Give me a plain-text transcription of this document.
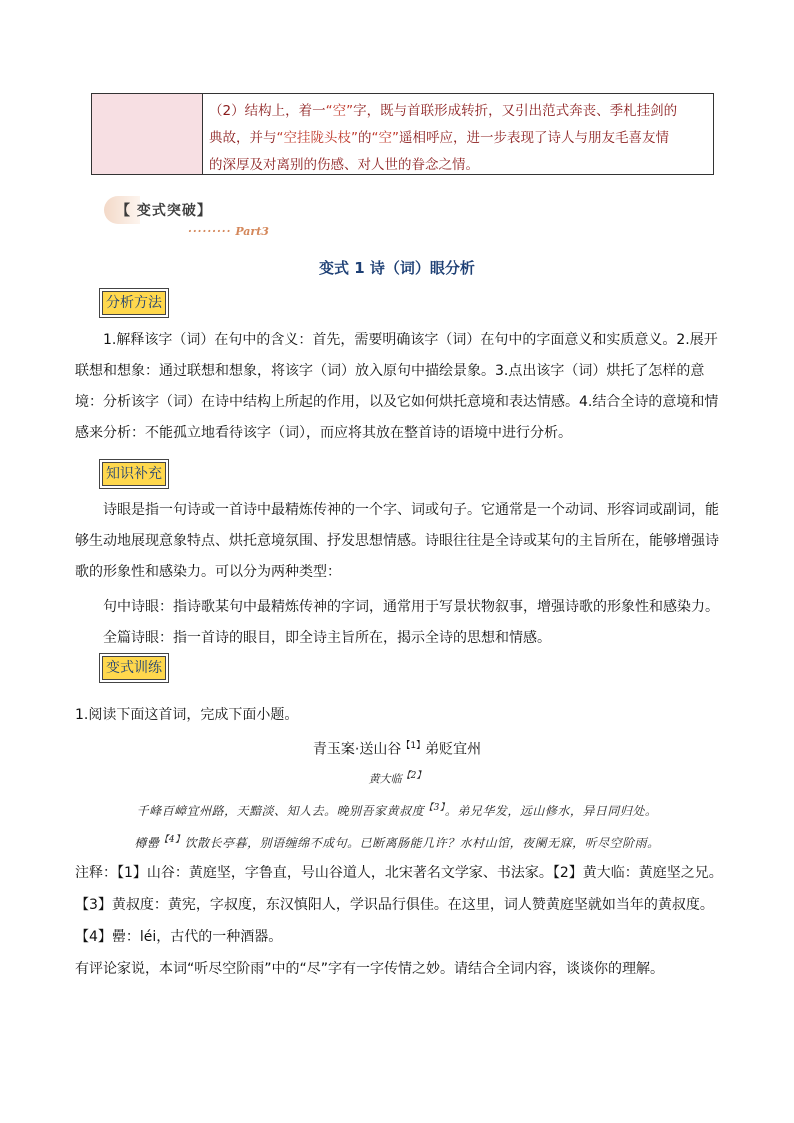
（2）结构上，着一“空”字，既与首联形成转折，又引出范式奔丧、季札挂剑的
典故，并与“空挂陇头枝”的“空”遥相呼应，进一步表现了诗人与朋友毛喜友情
的深厚及对离别的伤感、对人世的眷念之情。
【 变式突破】
········· Part3
变式 1 诗（词）眼分析
分析方法
1.解释该字（词）在句中的含义：首先，需要明确该字（词）在句中的字面意义和实质意义。2.展开联想和想象：通过联想和想象，将该字（词）放入原句中描绘景象。3.点出该字（词）烘托了怎样的意境：分析该字（词）在诗中结构上所起的作用，以及它如何烘托意境和表达情感。4.结合全诗的意境和情感来分析：不能孤立地看待该字（词），而应将其放在整首诗的语境中进行分析。
知识补充
诗眼是指一句诗或一首诗中最精炼传神的一个字、词或句子。它通常是一个动词、形容词或副词，能够生动地展现意象特点、烘托意境氛围、抒发思想情感。诗眼往往是全诗或某句的主旨所在，能够增强诗歌的形象性和感染力。可以分为两种类型：
句中诗眼：指诗歌某句中最精炼传神的字词，通常用于写景状物叙事，增强诗歌的形象性和感染力。
全篇诗眼：指一首诗的眼目，即全诗主旨所在，揭示全诗的思想和情感。
变式训练
1.阅读下面这首词，完成下面小题。
青玉案·送山谷$^{【1】}$弟贬宜州
黄大临$^{【2】}$
千峰百嶂宜州路，天黯淡、知人去。晚别吾家黄叔度$^{【3】}$。弟兄华发，远山修水，异日同归处。
樽罍$^{【4】}$饮散长亭暮，别语缠绵不成句。已断离肠能几许？水村山馆，夜阑无寐，听尽空阶雨。
注释：【1】山谷：黄庭坚，字鲁直，号山谷道人，北宋著名文学家、书法家。【2】黄大临：黄庭坚之兄。
【3】黄叔度：黄宪，字叔度，东汉慎阳人，学识品行俱佳。在这里，词人赞黄庭坚就如当年的黄叔度。
【4】罍：léi，古代的一种酒器。
有评论家说，本词“听尽空阶雨”中的“尽”字有一字传情之妙。请结合全词内容，谈谈你的理解。
